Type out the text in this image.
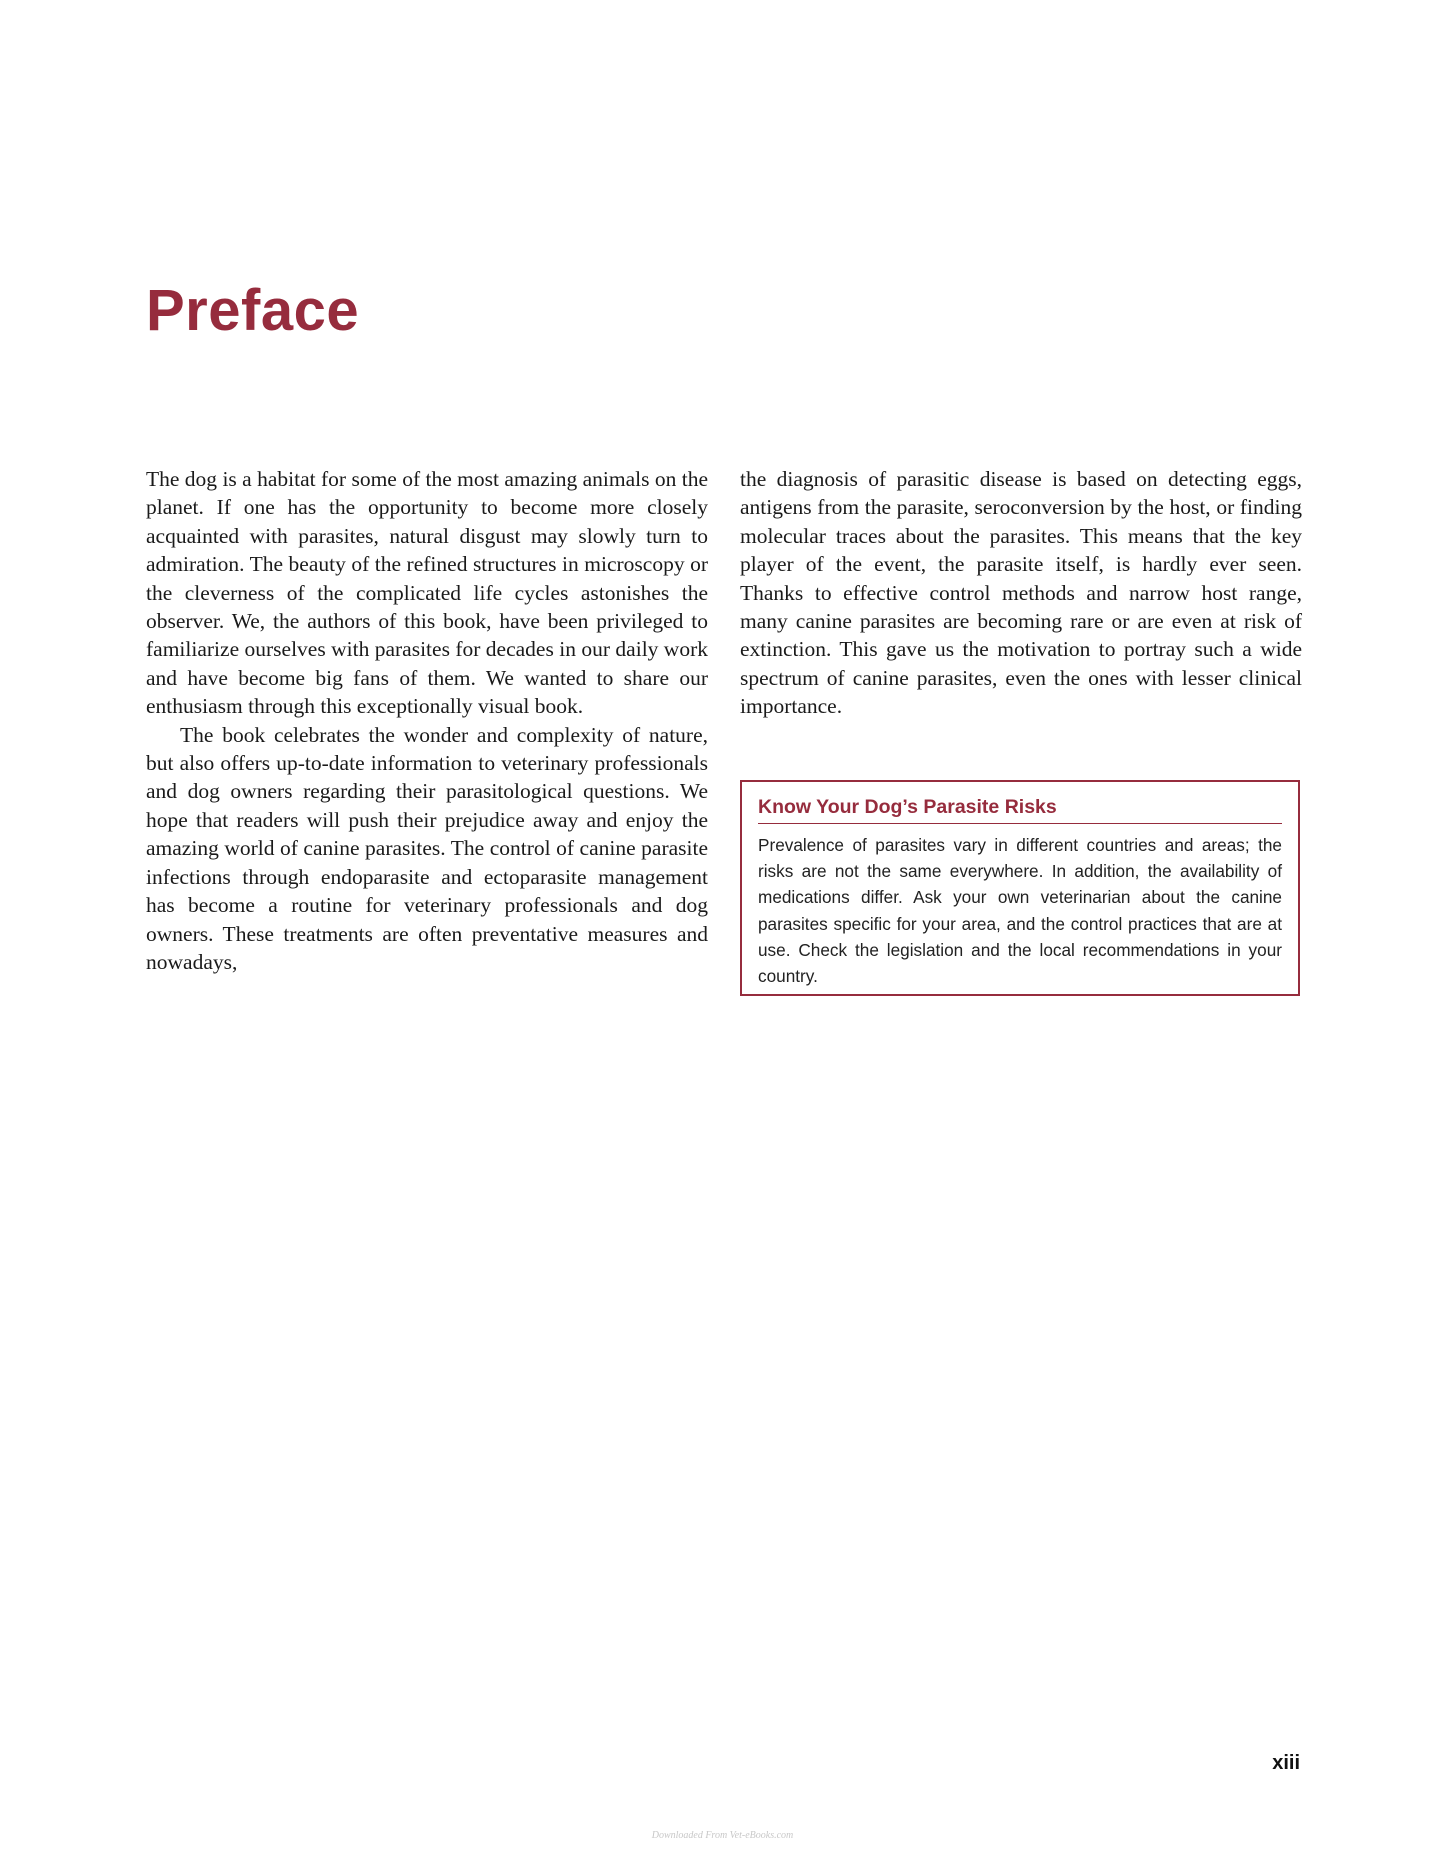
Preface

The dog is a habitat for some of the most amazing animals on the planet. If one has the opportunity to become more closely acquainted with parasites, natural disgust may slowly turn to admiration. The beauty of the refined structures in microscopy or the cleverness of the complicated life cycles astonishes the observer. We, the authors of this book, have been privileged to familiarize ourselves with parasites for decades in our daily work and have become big fans of them. We wanted to share our enthusiasm through this exceptionally visual book.

The book celebrates the wonder and complexity of nature, but also offers up-to-date information to veterinary professionals and dog owners regarding their parasitological questions. We hope that readers will push their prejudice away and enjoy the amazing world of canine parasites. The control of canine parasite infections through endoparasite and ectoparasite management has become a routine for veterinary professionals and dog owners. These treatments are often preventative measures and nowadays,

the diagnosis of parasitic disease is based on detecting eggs, antigens from the parasite, seroconversion by the host, or finding molecular traces about the parasites. This means that the key player of the event, the parasite itself, is hardly ever seen. Thanks to effective control methods and narrow host range, many canine parasites are becoming rare or are even at risk of extinction. This gave us the motivation to portray such a wide spectrum of canine parasites, even the ones with lesser clinical importance.

Know Your Dog’s Parasite Risks

Prevalence of parasites vary in different countries and areas; the risks are not the same everywhere. In addition, the availability of medications differ. Ask your own veterinarian about the canine parasites specific for your area, and the control practices that are at use. Check the legislation and the local recommendations in your country.

xiii
Downloaded From Vet-eBooks.com
